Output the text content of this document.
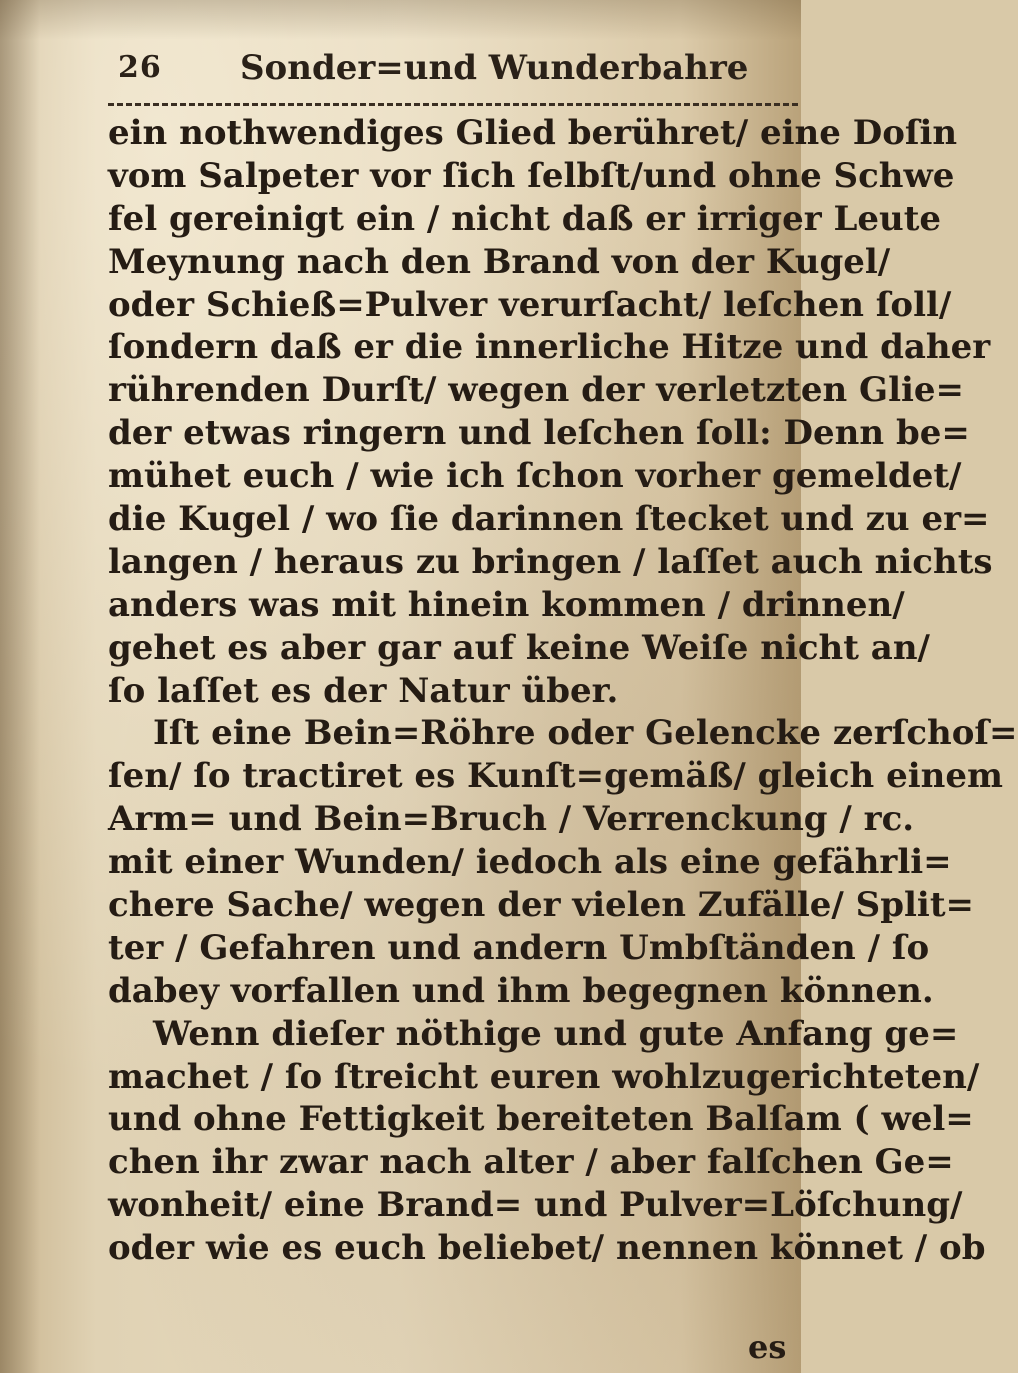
26 Sonder=und Wunderbahre
ein nothwendiges Glied berühret/ eine Doſin
vom Salpeter vor ſich ſelbſt/und ohne Schwe
fel gereinigt ein / nicht daß er irriger Leute
Meynung nach den Brand von der Kugel/
oder Schieß=Pulver verurſacht/ leſchen ſoll/
ſondern daß er die innerliche Hitze und daher
rührenden Durſt/ wegen der verletzten Glie=
der etwas ringern und leſchen ſoll: Denn be=
mühet euch / wie ich ſchon vorher gemeldet/
die Kugel / wo ſie darinnen ſtecket und zu er=
langen / heraus zu bringen / laſſet auch nichts
anders was mit hinein kommen / drinnen/
gehet es aber gar auf keine Weiſe nicht an/
ſo laſſet es der Natur über.
Iſt eine Bein=Röhre oder Gelencke zerſchoſ=
ſen/ ſo tractiret es Kunſt=gemäß/ gleich einem
Arm= und Bein=Bruch / Verrenckung / rc.
mit einer Wunden/ iedoch als eine gefährli=
chere Sache/ wegen der vielen Zufälle/ Split=
ter / Gefahren und andern Umbſtänden / ſo
dabey vorfallen und ihm begegnen können.
Wenn dieſer nöthige und gute Anfang ge=
machet / ſo ſtreicht euren wohlzugerichteten/
und ohne Fettigkeit bereiteten Balſam ( wel=
chen ihr zwar nach alter / aber falſchen Ge=
wonheit/ eine Brand= und Pulver=Löſchung/
oder wie es euch beliebet/ nennen könnet / ob
es
